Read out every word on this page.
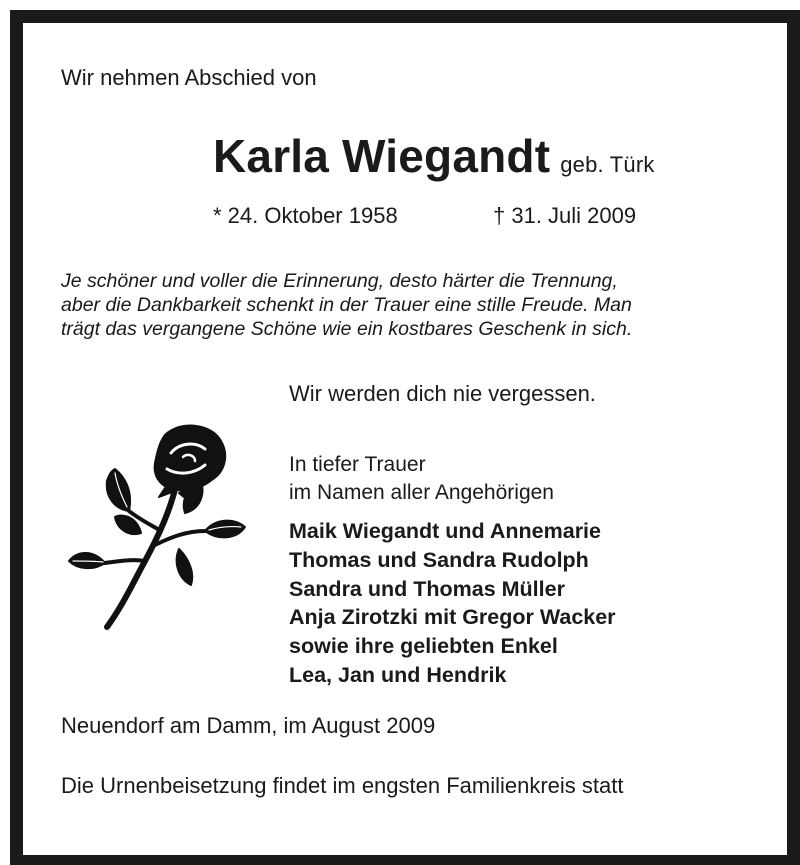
Wir nehmen Abschied von
Karla Wiegandt geb. Türk
* 24. Oktober 1958	† 31. Juli 2009
Je schöner und voller die Erinnerung, desto härter die Trennung,
aber die Dankbarkeit schenkt in der Trauer eine stille Freude. Man
trägt das vergangene Schöne wie ein kostbares Geschenk in sich.
Wir werden dich nie vergessen.
In tiefer Trauer
im Namen aller Angehörigen
Maik Wiegandt und Annemarie
Thomas und Sandra Rudolph
Sandra und Thomas Müller
Anja Zirotzki mit Gregor Wacker
sowie ihre geliebten Enkel
Lea, Jan und Hendrik
Neuendorf am Damm, im August 2009
Die Urnenbeisetzung findet im engsten Familienkreis statt
